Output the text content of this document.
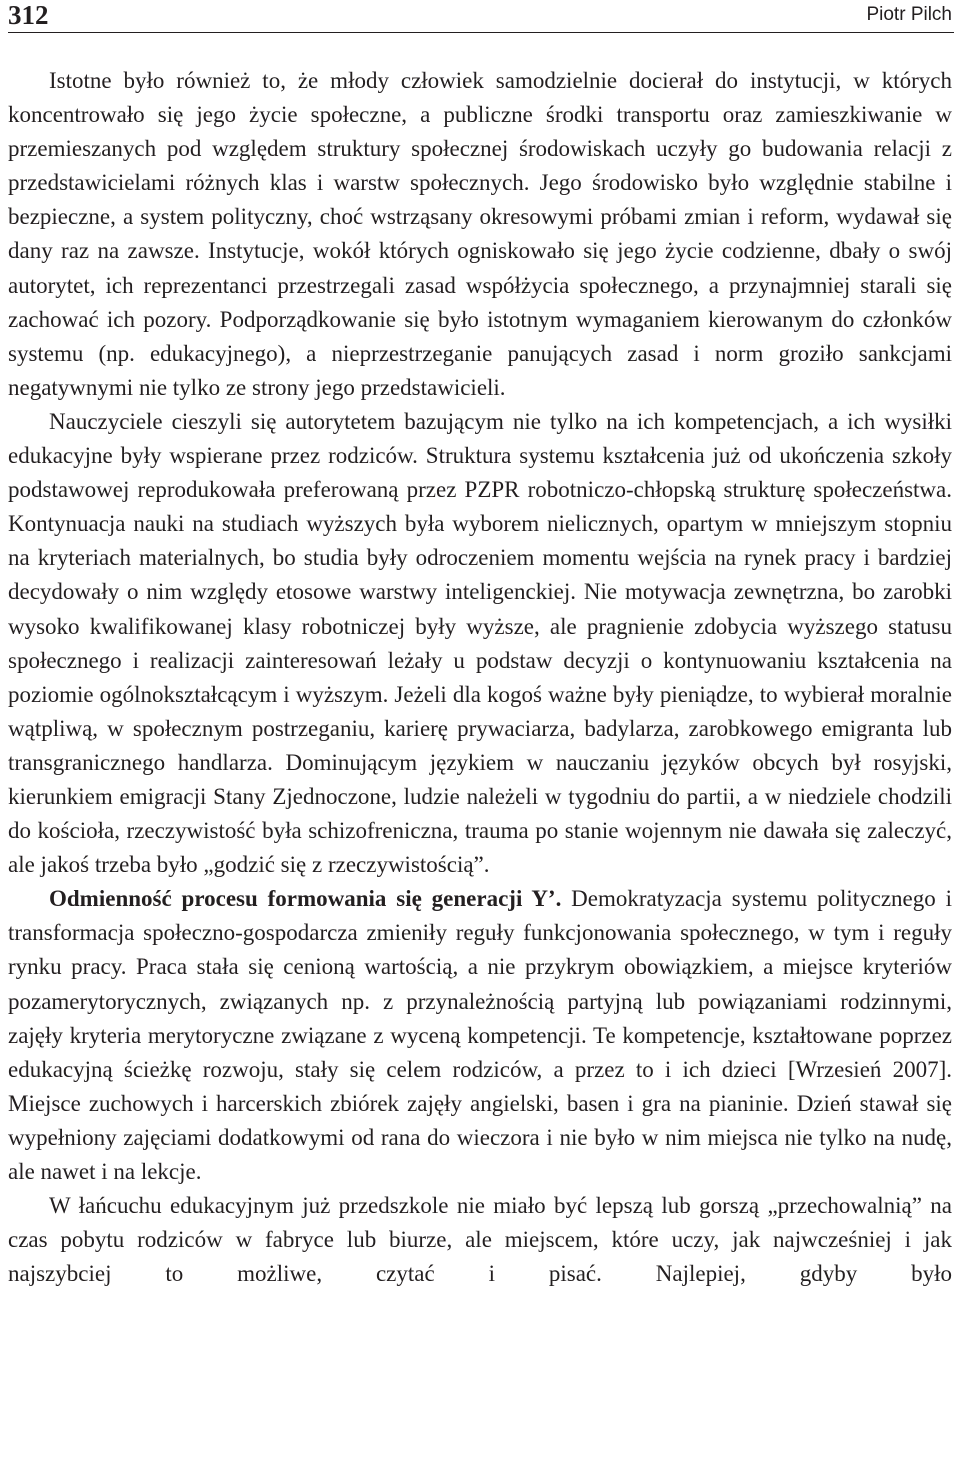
312	Piotr Pilch

Istotne było również to, że młody człowiek samodzielnie docierał do instytucji, w których koncentrowało się jego życie społeczne, a publiczne środki transportu oraz zamieszkiwanie w przemieszanych pod względem struktury społecznej środowiskach uczyły go budowania relacji z przedstawicielami różnych klas i warstw społecznych. Jego środowisko było względnie stabilne i bezpieczne, a system polityczny, choć wstrząsany okresowymi próbami zmian i reform, wydawał się dany raz na zawsze. Instytucje, wokół których ogniskowało się jego życie codzienne, dbały o swój autorytet, ich reprezentanci przestrzegali zasad współżycia społecznego, a przynajmniej starali się zachować ich pozory. Podporządkowanie się było istotnym wymaganiem kierowanym do członków systemu (np. edukacyjnego), a nieprzestrzeganie panujących zasad i norm groziło sankcjami negatywnymi nie tylko ze strony jego przedstawicieli.

Nauczyciele cieszyli się autorytetem bazującym nie tylko na ich kompetencjach, a ich wysiłki edukacyjne były wspierane przez rodziców. Struktura systemu kształcenia już od ukończenia szkoły podstawowej reprodukowała preferowaną przez PZPR robotniczo-chłopską strukturę społeczeństwa. Kontynuacja nauki na studiach wyższych była wyborem nielicznych, opartym w mniejszym stopniu na kryteriach materialnych, bo studia były odroczeniem momentu wejścia na rynek pracy i bardziej decydowały o nim względy etosowe warstwy inteligenckiej. Nie motywacja zewnętrzna, bo zarobki wysoko kwalifikowanej klasy robotniczej były wyższe, ale pragnienie zdobycia wyższego statusu społecznego i realizacji zainteresowań leżały u podstaw decyzji o kontynuowaniu kształcenia na poziomie ogólnokształcącym i wyższym. Jeżeli dla kogoś ważne były pieniądze, to wybierał moralnie wątpliwą, w społecznym postrzeganiu, karierę prywaciarza, badylarza, zarobkowego emigranta lub transgranicznego handlarza. Dominującym językiem w nauczaniu języków obcych był rosyjski, kierunkiem emigracji Stany Zjednoczone, ludzie należeli w tygodniu do partii, a w niedziele chodzili do kościoła, rzeczywistość była schizofreniczna, trauma po stanie wojennym nie dawała się zaleczyć, ale jakoś trzeba było „godzić się z rzeczywistością”.

Odmienność procesu formowania się generacji Y’. Demokratyzacja systemu politycznego i transformacja społeczno-gospodarcza zmieniły reguły funkcjonowania społecznego, w tym i reguły rynku pracy. Praca stała się cenioną wartością, a nie przykrym obowiązkiem, a miejsce kryteriów pozamerytorycznych, związanych np. z przynależnością partyjną lub powiązaniami rodzinnymi, zajęły kryteria merytoryczne związane z wyceną kompetencji. Te kompetencje, kształtowane poprzez edukacyjną ścieżkę rozwoju, stały się celem rodziców, a przez to i ich dzieci [Wrzesień 2007]. Miejsce zuchowych i harcerskich zbiórek zajęły angielski, basen i gra na pianinie. Dzień stawał się wypełniony zajęciami dodatkowymi od rana do wieczora i nie było w nim miejsca nie tylko na nudę, ale nawet i na lekcje.

W łańcuchu edukacyjnym już przedszkole nie miało być lepszą lub gorszą „przechowalnią” na czas pobytu rodziców w fabryce lub biurze, ale miejscem, które uczy, jak najwcześniej i jak najszybciej to możliwe, czytać i pisać. Najlepiej, gdyby było
